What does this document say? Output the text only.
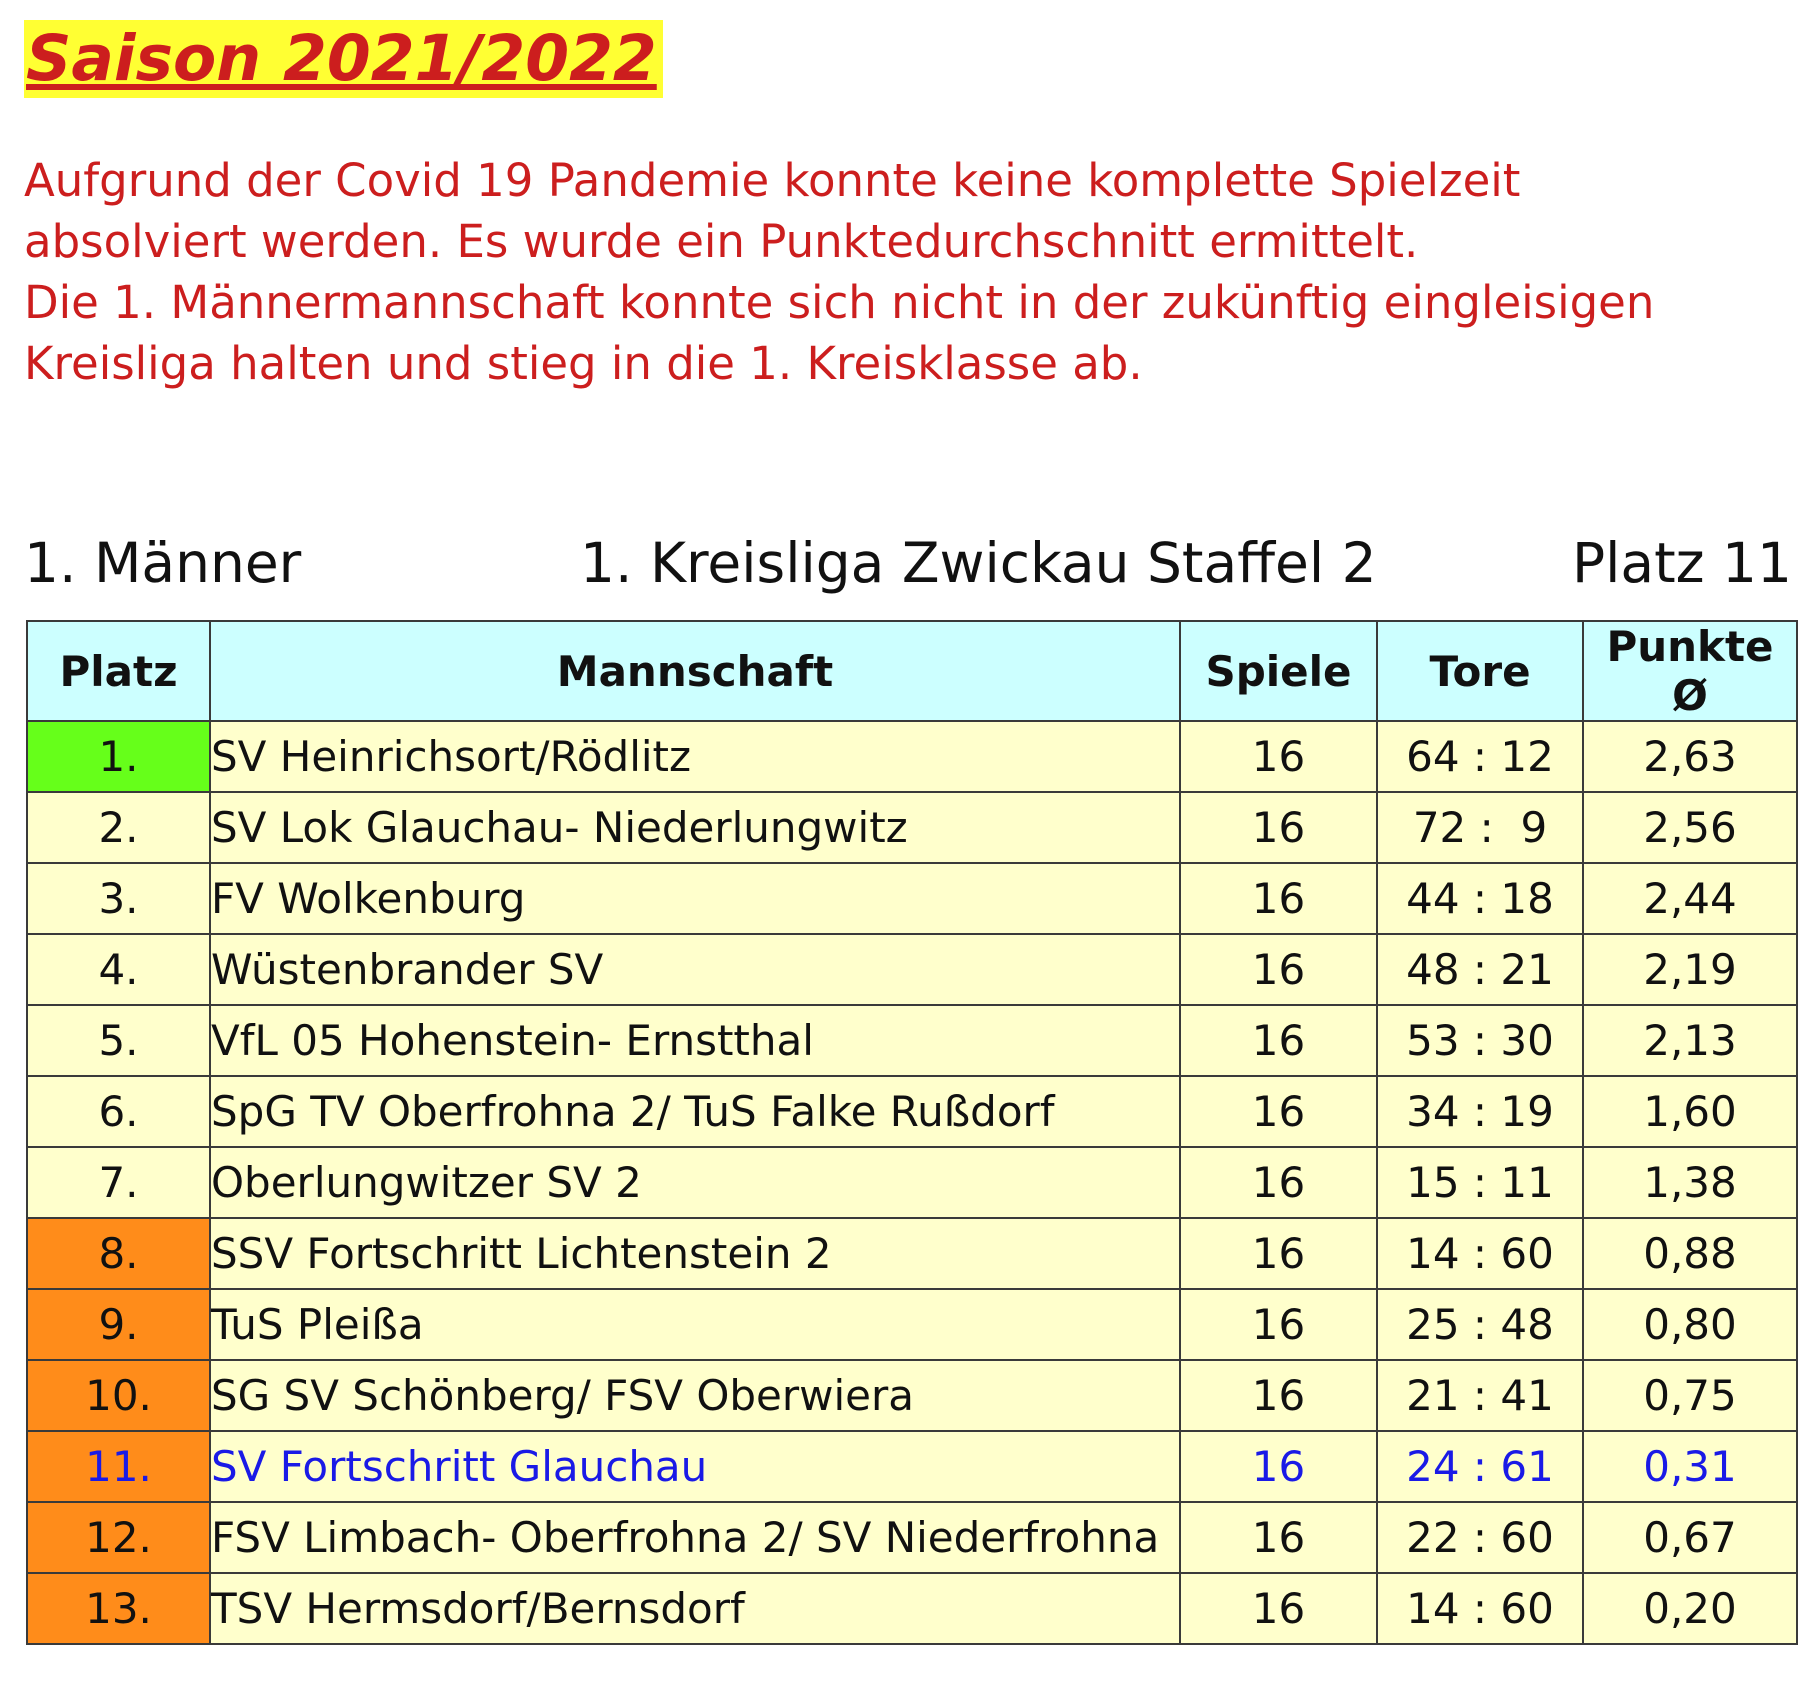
Saison 2021/2022

Aufgrund der Covid 19 Pandemie konnte keine komplette Spielzeit

absolviert werden. Es wurde ein Punktedurchschnitt ermittelt.

Die 1. Männermannschaft konnte sich nicht in der zukünftig eingleisigen

Kreisliga halten und stieg in die 1. Kreisklasse ab.

1. Männer	1. Kreisliga Zwickau Staffel 2	Platz 11
Platz	Mannschaft	Spiele	Tore	Punkte Ø
1.	SV Heinrichsort/Rödlitz	16	64 : 12	2,63
2.	SV Lok Glauchau- Niederlungwitz	16	72 :  9	2,56
3.	FV Wolkenburg	16	44 : 18	2,44
4.	Wüstenbrander SV	16	48 : 21	2,19
5.	VfL 05 Hohenstein- Ernstthal	16	53 : 30	2,13
6.	SpG TV Oberfrohna 2/ TuS Falke Rußdorf	16	34 : 19	1,60
7.	Oberlungwitzer SV 2	16	15 : 11	1,38
8.	SSV Fortschritt Lichtenstein 2	16	14 : 60	0,88
9.	TuS Pleißa	16	25 : 48	0,80
10.	SG SV Schönberg/ FSV Oberwiera	16	21 : 41	0,75
11.	SV Fortschritt Glauchau	16	24 : 61	0,31
12.	FSV Limbach- Oberfrohna 2/ SV Niederfrohna	16	22 : 60	0,67
13.	TSV Hermsdorf/Bernsdorf	16	14 : 60	0,20
